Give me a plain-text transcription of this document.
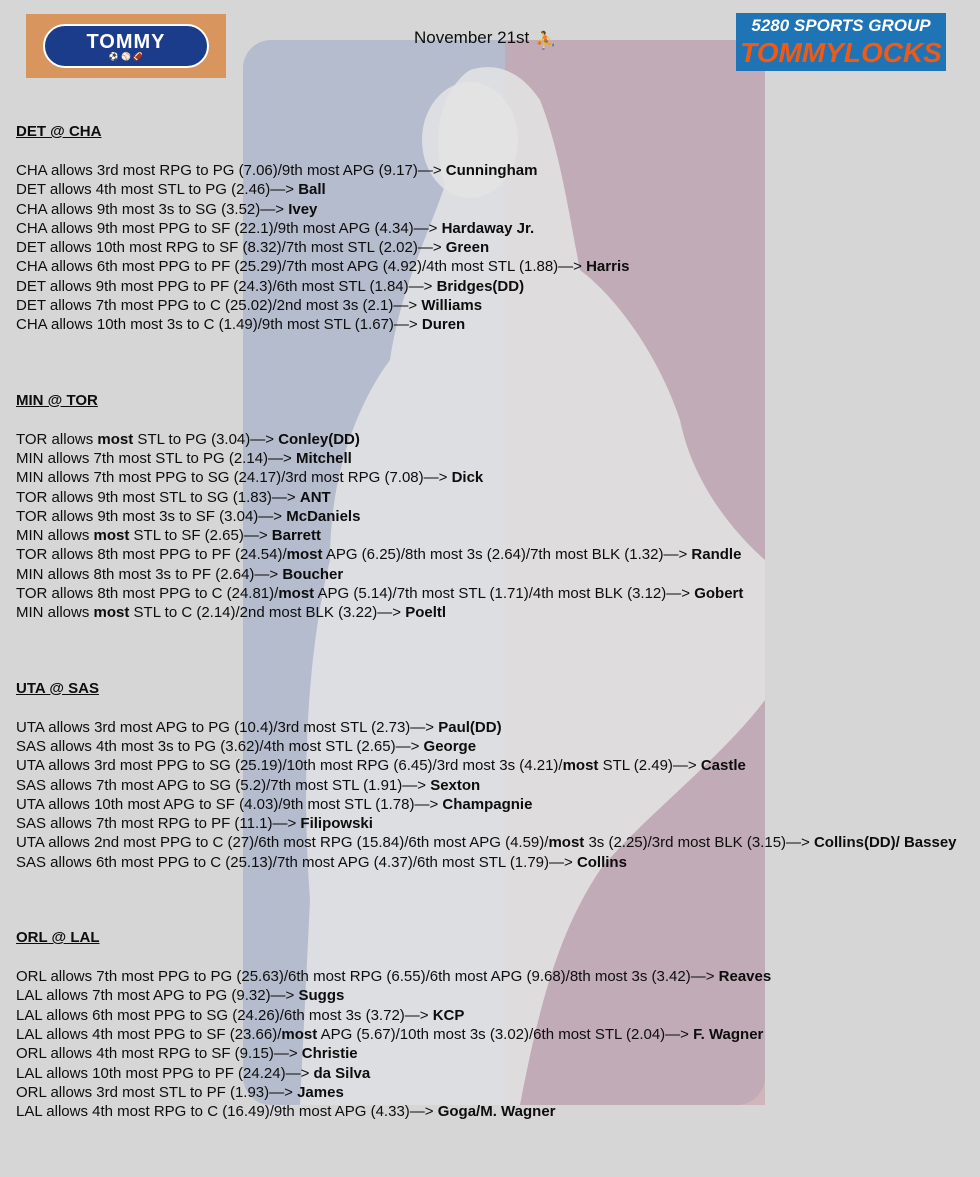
TOMMY
⚽ ⚾ 🏈
November 21st ⛹
5280 SPORTS GROUP
TOMMYLOCKS
DET @ CHA
CHA allows 3rd most RPG to PG (7.06)/9th most APG (9.17)—> Cunningham
DET allows 4th most STL to PG (2.46)—> Ball
CHA allows 9th most 3s to SG (3.52)—> Ivey
CHA allows 9th most PPG to SF (22.1)/9th most APG (4.34)—> Hardaway Jr.
DET allows 10th most RPG to SF (8.32)/7th most STL (2.02)—> Green
CHA allows 6th most PPG to PF (25.29)/7th most APG (4.92)/4th most STL (1.88)—> Harris
DET allows 9th most PPG to PF (24.3)/6th most STL (1.84)—> Bridges(DD)
DET allows 7th most PPG to C (25.02)/2nd most 3s (2.1)—> Williams
CHA allows 10th most 3s to C (1.49)/9th most STL (1.67)—> Duren
MIN @ TOR
TOR allows most STL to PG (3.04)—> Conley(DD)
MIN allows 7th most STL to PG (2.14)—> Mitchell
MIN allows 7th most PPG to SG (24.17)/3rd most RPG (7.08)—> Dick
TOR allows 9th most STL to SG (1.83)—> ANT
TOR allows 9th most 3s to SF (3.04)—> McDaniels
MIN allows most STL to SF (2.65)—> Barrett
TOR allows 8th most PPG to PF (24.54)/most APG (6.25)/8th most 3s (2.64)/7th most BLK (1.32)—> Randle
MIN allows 8th most 3s to PF (2.64)—> Boucher
TOR allows 8th most PPG to C (24.81)/most APG (5.14)/7th most STL (1.71)/4th most BLK (3.12)—> Gobert
MIN allows most STL to C (2.14)/2nd most BLK (3.22)—> Poeltl
UTA @ SAS
UTA allows 3rd most APG to PG (10.4)/3rd most STL (2.73)—> Paul(DD)
SAS allows 4th most 3s to PG (3.62)/4th most STL (2.65)—> George
UTA allows 3rd most PPG to SG (25.19)/10th most RPG (6.45)/3rd most 3s (4.21)/most STL (2.49)—> Castle
SAS allows 7th most APG to SG (5.2)/7th most STL (1.91)—> Sexton
UTA allows 10th most APG to SF (4.03)/9th most STL (1.78)—> Champagnie
SAS allows 7th most RPG to PF (11.1)—> Filipowski
UTA allows 2nd most PPG to C (27)/6th most RPG (15.84)/6th most APG (4.59)/most 3s (2.25)/3rd most BLK (3.15)—> Collins(DD)/ Bassey
SAS allows 6th most PPG to C (25.13)/7th most APG (4.37)/6th most STL (1.79)—> Collins
ORL @ LAL
ORL allows 7th most PPG to PG (25.63)/6th most RPG (6.55)/6th most APG (9.68)/8th most 3s (3.42)—> Reaves
LAL allows 7th most APG to PG (9.32)—> Suggs
LAL allows 6th most PPG to SG (24.26)/6th most 3s (3.72)—> KCP
LAL allows 4th most PPG to SF (23.66)/most APG (5.67)/10th most 3s (3.02)/6th most STL (2.04)—> F. Wagner
ORL allows 4th most RPG to SF (9.15)—> Christie
LAL allows 10th most PPG to PF (24.24)—> da Silva
ORL allows 3rd most STL to PF (1.93)—> James
LAL allows 4th most RPG to C (16.49)/9th most APG (4.33)—> Goga/M. Wagner
